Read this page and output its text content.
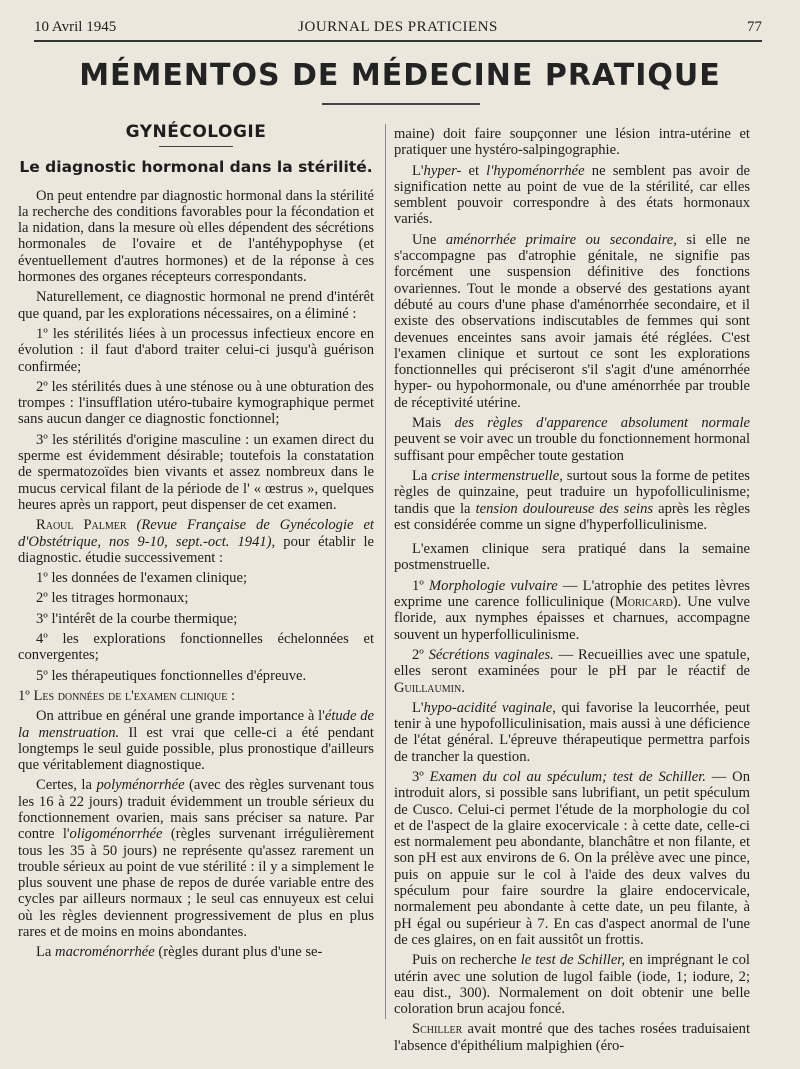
10 Avril 1945	JOURNAL DES PRATICIENS	77
MÉMENTOS DE MÉDECINE PRATIQUE
GYNÉCOLOGIE
Le diagnostic hormonal dans la stérilité.

On peut entendre par diagnostic hormonal dans la stérilité la recherche des conditions favorables pour la fécondation et la nidation, dans la mesure où elles dépendent des sécrétions hormonales de l'ovaire et de l'antéhypophyse (et éventuellement d'autres hormones) et de la réponse à ces hormones des organes récepteurs correspondants.

Naturellement, ce diagnostic hormonal ne prend d'intérêt que quand, par les explorations nécessaires, on a éliminé :

1º les stérilités liées à un processus infectieux encore en évolution : il faut d'abord traiter celui-ci jusqu'à guérison confirmée;

2º les stérilités dues à une sténose ou à une obturation des trompes : l'insufflation utéro-tubaire kymographique permet sans aucun danger ce diagnostic fonctionnel;

3º les stérilités d'origine masculine : un examen direct du sperme est évidemment désirable; toutefois la constatation de spermatozoïdes bien vivants et assez nombreux dans le mucus cervical filant de la période de l' « œstrus », quelques heures après un rapport, peut dispenser de cet examen.

Raoul Palmer (Revue Française de Gynécologie et d'Obstétrique, nos 9-10, sept.-oct. 1941), pour établir le diagnostic. étudie successivement :

1º les données de l'examen clinique;

2º les titrages hormonaux;

3º l'intérêt de la courbe thermique;

4º les explorations fonctionnelles échelonnées et convergentes;

5º les thérapeutiques fonctionnelles d'épreuve.

1º Les données de l'examen clinique :

On attribue en général une grande importance à l'étude de la menstruation. Il est vrai que celle-ci a été pendant longtemps le seul guide possible, plus pronostique d'ailleurs que véritablement diagnostique.

Certes, la polyménorrhée (avec des règles survenant tous les 16 à 22 jours) traduit évidemment un trouble sérieux du fonctionnement ovarien, mais sans préciser sa nature. Par contre l'oligoménorrhée (règles survenant irrégulièrement tous les 35 à 50 jours) ne représente qu'assez rarement un trouble sérieux au point de vue stérilité : il y a simplement le plus souvent une phase de repos de durée variable entre des cycles par ailleurs normaux ; le seul cas ennuyeux est celui où les règles deviennent progressivement de plus en plus rares et de moins en moins abondantes.

La macroménorrhée (règles durant plus d'une se-

maine) doit faire soupçonner une lésion intra-utérine et pratiquer une hystéro-salpingographie.

L'hyper- et l'hypoménorrhée ne semblent pas avoir de signification nette au point de vue de la stérilité, car elles semblent pouvoir correspondre à des états hormonaux variés.

Une aménorrhée primaire ou secondaire, si elle ne s'accompagne pas d'atrophie génitale, ne signifie pas forcément une suspension définitive des fonctions ovariennes. Tout le monde a observé des gestations ayant débuté au cours d'une phase d'aménorrhée secondaire, et il existe des observations indiscutables de femmes qui sont devenues enceintes sans avoir jamais été réglées. C'est l'examen clinique et surtout ce sont les explorations fonctionnelles qui préciseront s'il s'agit d'une aménorrhée hyper- ou hypohormonale, ou d'une aménorrhée par trouble de réceptivité utérine.

Mais des règles d'apparence absolument normale peuvent se voir avec un trouble du fonctionnement hormonal suffisant pour empêcher toute gestation

La crise intermenstruelle, surtout sous la forme de petites règles de quinzaine, peut traduire un hypofolliculinisme; tandis que la tension douloureuse des seins après les règles est considérée comme un signe d'hyperfolliculinisme.

L'examen clinique sera pratiqué dans la semaine postmenstruelle.

1º Morphologie vulvaire — L'atrophie des petites lèvres exprime une carence folliculinique (Moricard). Une vulve floride, aux nymphes épaisses et charnues, accompagne souvent un hyperfolliculinisme.

2º Sécrétions vaginales. — Recueillies avec une spatule, elles seront examinées pour le pH par le réactif de Guillaumin.

L'hypo-acidité vaginale, qui favorise la leucorrhée, peut tenir à une hypofolliculinisation, mais aussi à une déficience de l'état général. L'épreuve thérapeutique permettra parfois de trancher la question.

3º Examen du col au spéculum; test de Schiller. — On introduit alors, si possible sans lubrifiant, un petit spéculum de Cusco. Celui-ci permet l'étude de la morphologie du col et de l'aspect de la glaire exocervicale : à cette date, celle-ci est normalement peu abondante, blanchâtre et non filante, et son pH est aux environs de 6. On la prélève avec une pince, puis on appuie sur le col à l'aide des deux valves du spéculum pour faire sourdre la glaire endocervicale, normalement peu abondante à cette date, un peu filante, à pH égal ou supérieur à 7. En cas d'aspect anormal de l'une de ces glaires, on en fait aussitôt un frottis.

Puis on recherche le test de Schiller, en imprégnant le col utérin avec une solution de lugol faible (iode, 1; iodure, 2; eau dist., 300). Normalement on doit obtenir une belle coloration brun acajou foncé.

Schiller avait montré que des taches rosées traduisaient l'absence d'épithélium malpighien (éro-
